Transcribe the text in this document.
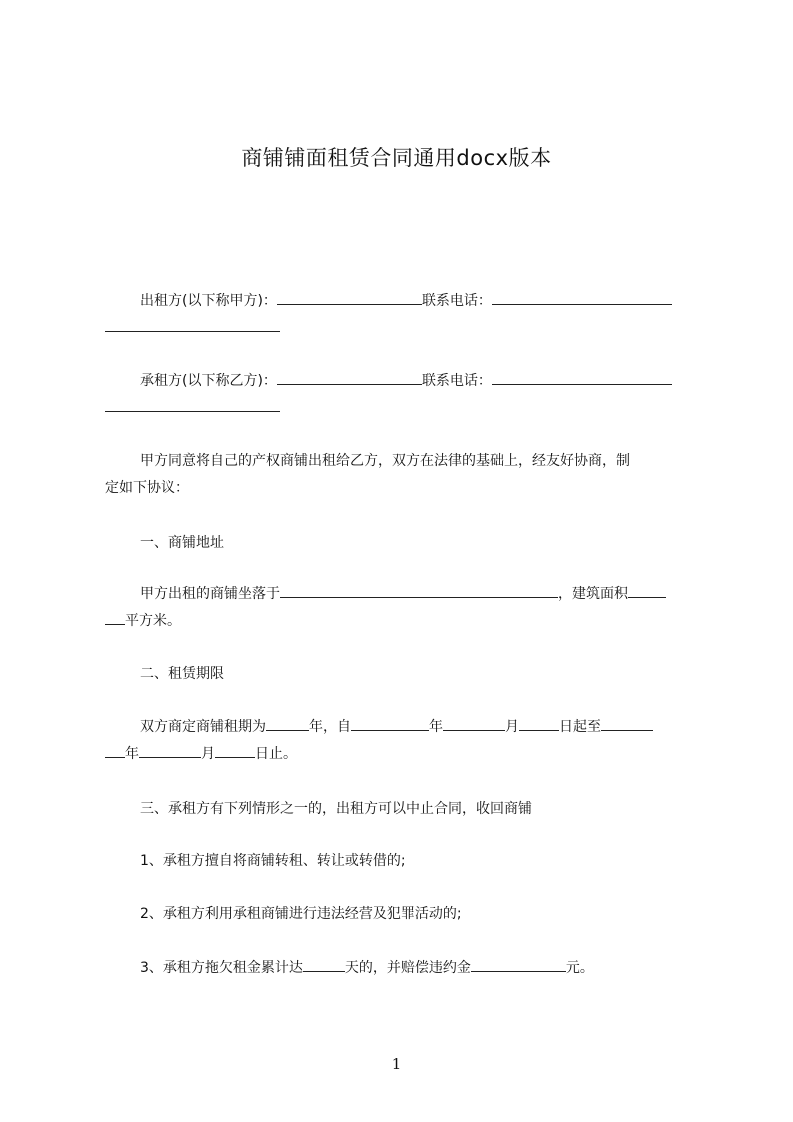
商铺铺面租赁合同通用docx版本
出租方(以下称甲方)：	联系电话：
承租方(以下称乙方)：	联系电话：
甲方同意将自己的产权商铺出租给乙方，双方在法律的基础上，经友好协商，制
定如下协议：
一、商铺地址
甲方出租的商铺坐落于	，建筑面积
平方米。
二、租赁期限
双方商定商铺租期为	年，自	年	月	日起至
年	月	日止。
三、承租方有下列情形之一的，出租方可以中止合同，收回商铺
1、承租方擅自将商铺转租、转让或转借的;
2、承租方利用承租商铺进行违法经营及犯罪活动的;
3、承租方拖欠租金累计达	天的，并赔偿违约金	元。
1
